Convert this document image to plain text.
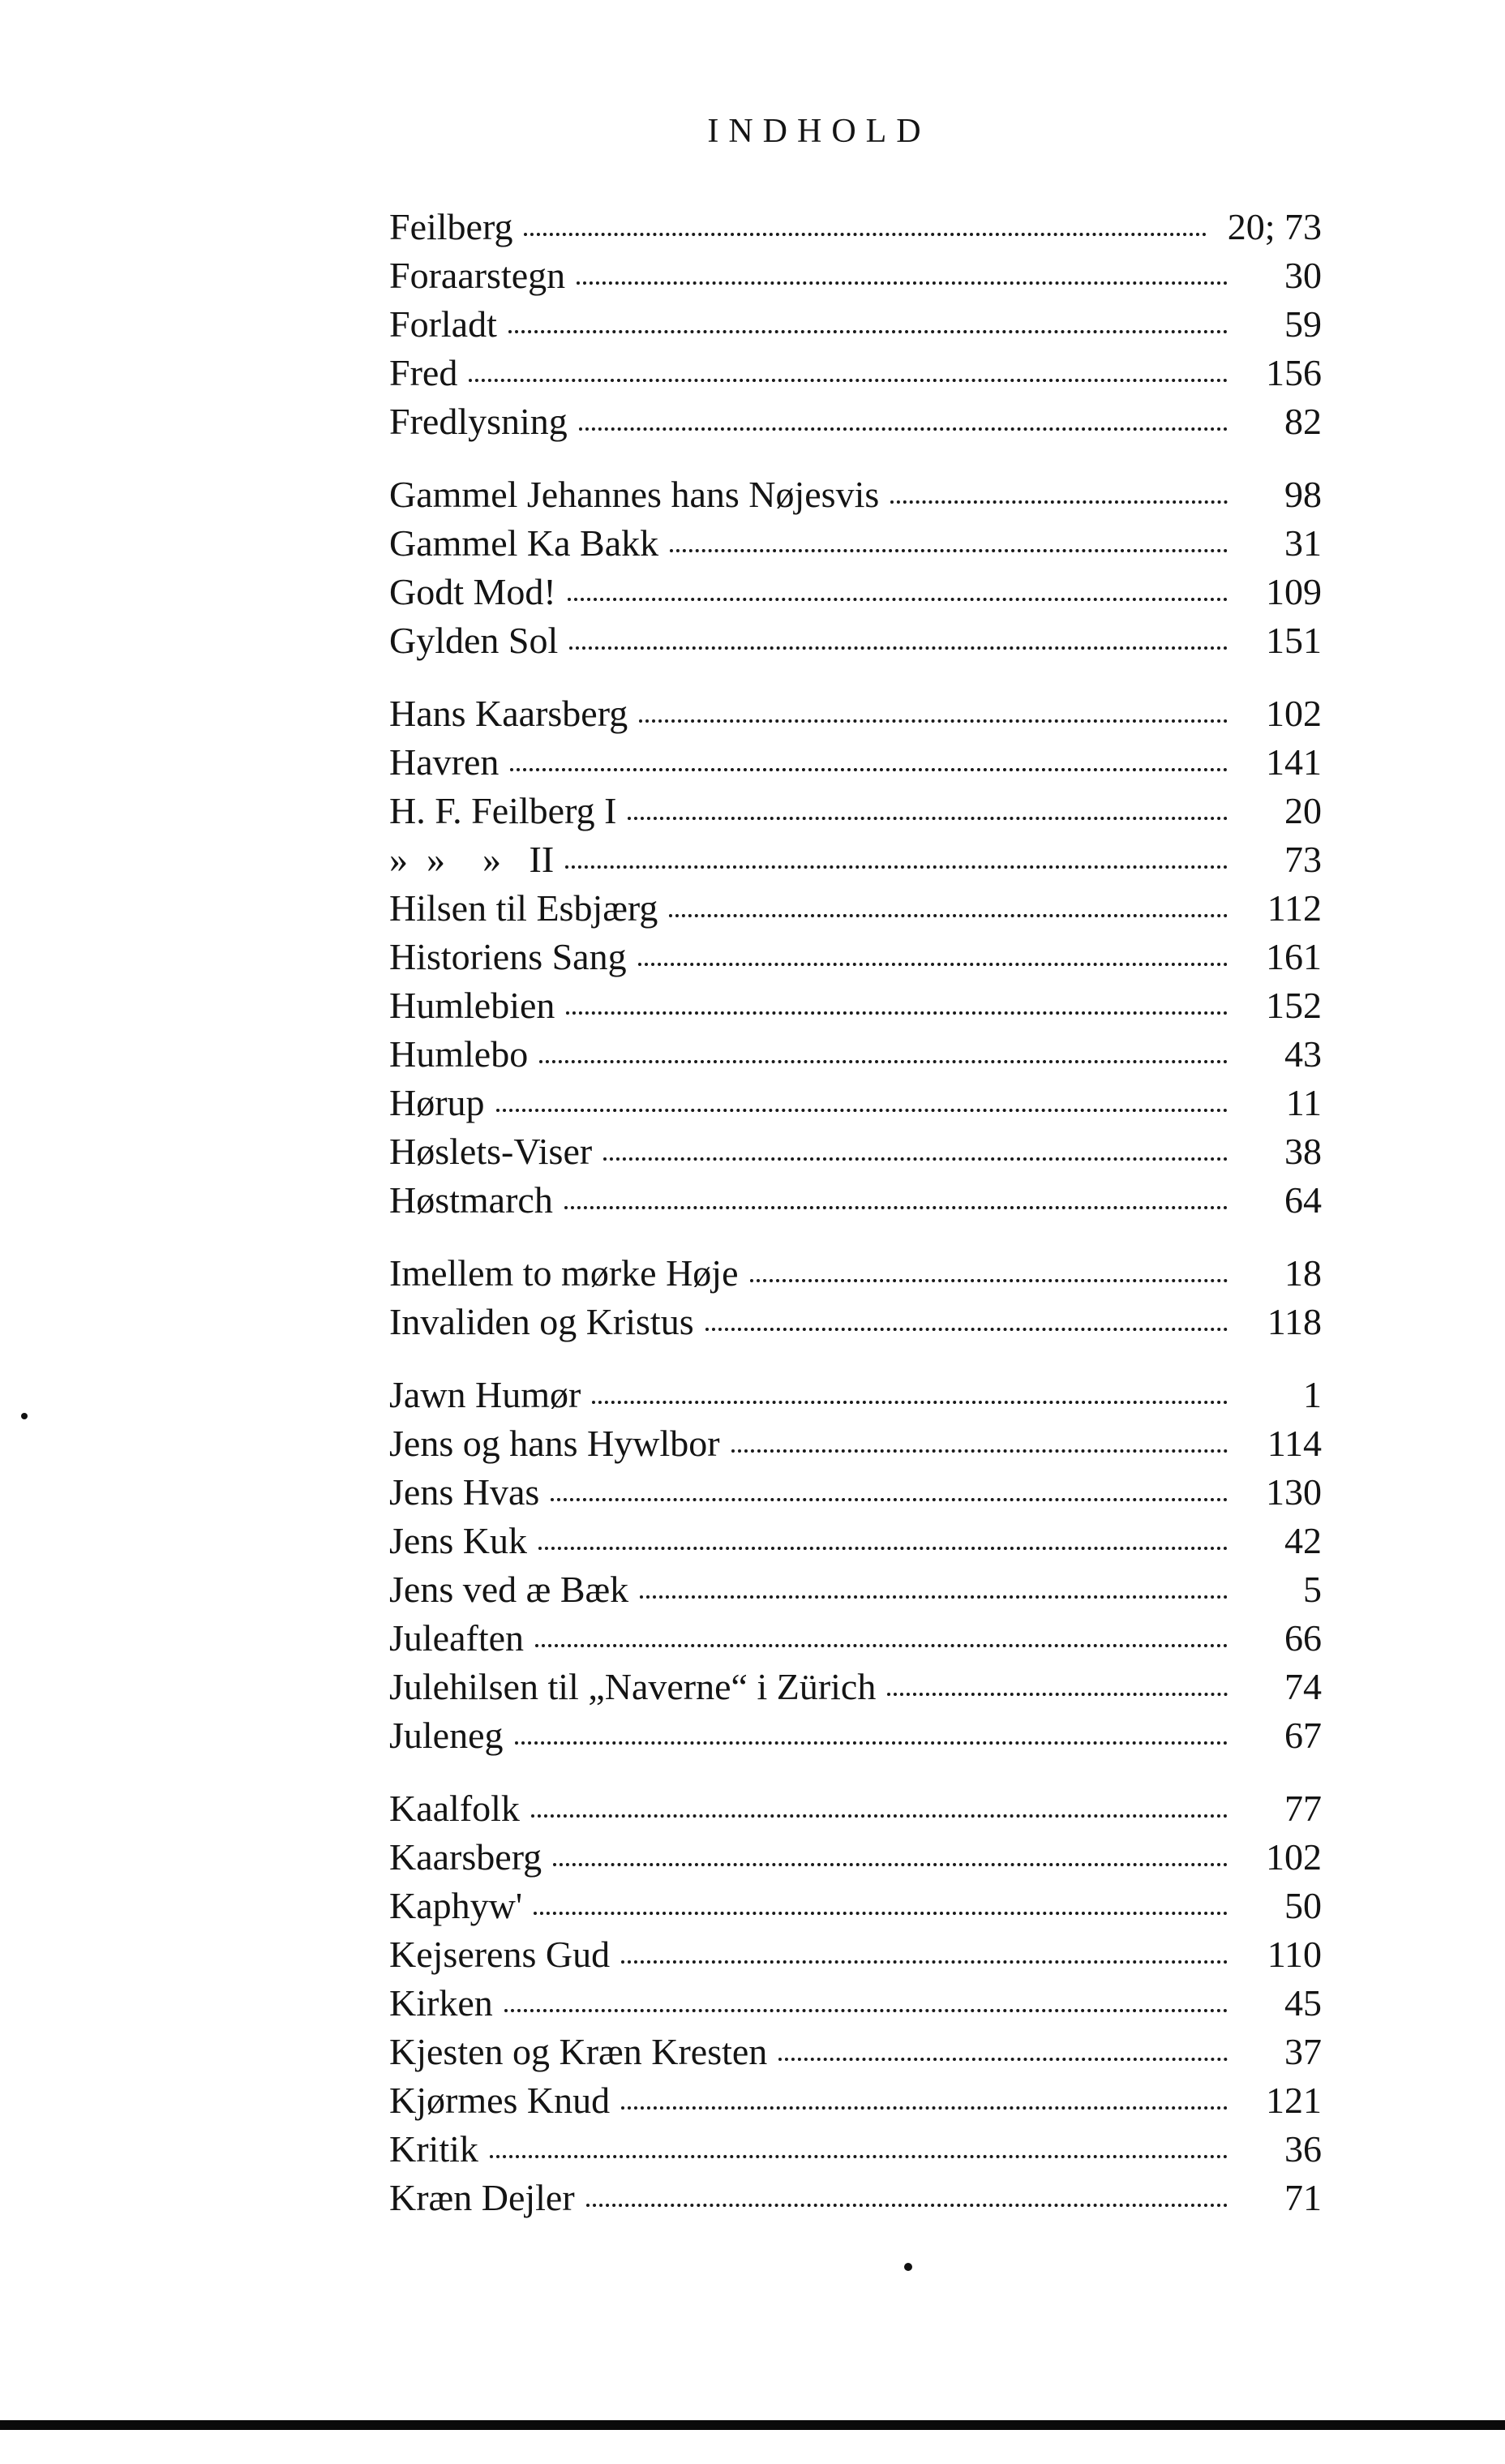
INDHOLD
Feilberg	20; 73
Foraarstegn	30
Forladt	59
Fred	156
Fredlysning	82
Gammel Jehannes hans Nøjesvis	98
Gammel Ka Bakk	31
Godt Mod!	109
Gylden Sol	151
Hans Kaarsberg	102
Havren	141
H. F. Feilberg I	20
»  »    »   II	73
Hilsen til Esbjærg	112
Historiens Sang	161
Humlebien	152
Humlebo	43
Hørup	11
Høslets-Viser	38
Høstmarch	64
Imellem to mørke Høje	18
Invaliden og Kristus	118
Jawn Humør	1
Jens og hans Hywlbor	114
Jens Hvas	130
Jens Kuk	42
Jens ved æ Bæk	5
Juleaften	66
Julehilsen til „Naverne“ i Zürich	74
Juleneg	67
Kaalfolk	77
Kaarsberg	102
Kaphyw'	50
Kejserens Gud	110
Kirken	45
Kjesten og Kræn Kresten	37
Kjørmes Knud	121
Kritik	36
Kræn Dejler	71
